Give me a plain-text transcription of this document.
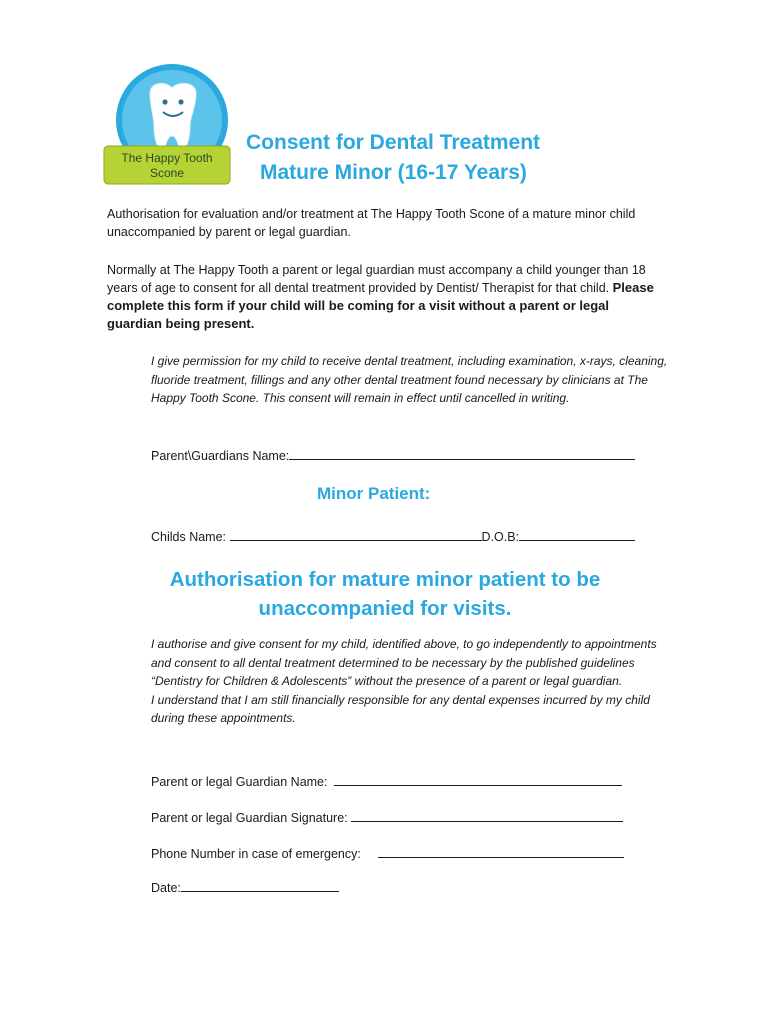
The Happy Tooth
Scone
Consent for Dental Treatment
Mature Minor (16-17 Years)
Authorisation for evaluation and/or treatment at The Happy Tooth Scone of a mature minor child unaccompanied by parent or legal guardian.
Normally at The Happy Tooth a parent or legal guardian must accompany a child younger than 18 years of age to consent for all dental treatment provided by Dentist/ Therapist for that child. Please complete this form if your child will be coming for a visit without a parent or legal guardian being present.
I give permission for my child to receive dental treatment, including examination, x-rays, cleaning, fluoride treatment, fillings and any other dental treatment found necessary by clinicians at The Happy Tooth Scone. This consent will remain in effect until cancelled in writing.
Parent\Guardians Name:
Minor Patient:
Childs Name:	D.O.B:
Authorisation for mature minor patient to be
unaccompanied for visits.
I authorise and give consent for my child, identified above, to go independently to appointments and consent to all dental treatment determined to be necessary by the published guidelines “Dentistry for Children & Adolescents” without the presence of a parent or legal guardian.
I understand that I am still financially responsible for any dental expenses incurred by my child during these appointments.
Parent or legal Guardian Name:
Parent or legal Guardian Signature:
Phone Number in case of emergency:
Date:
